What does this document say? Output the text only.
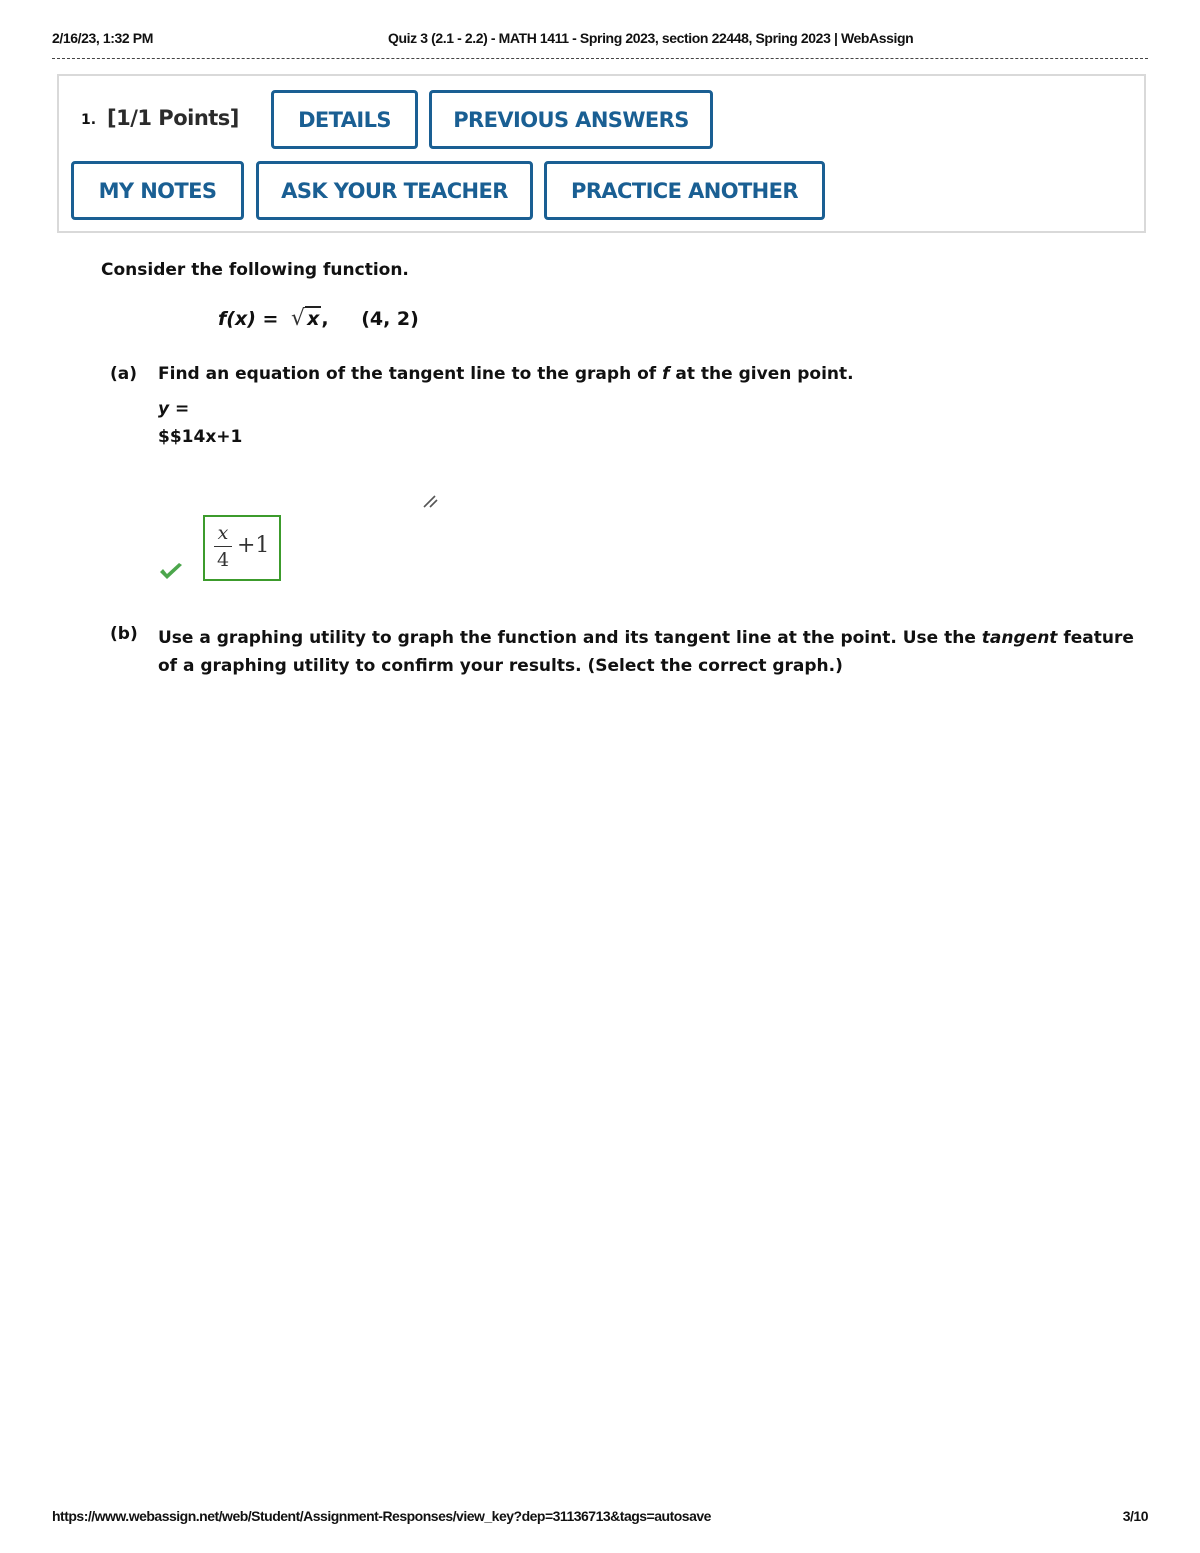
2/16/23, 1:32 PM	Quiz 3 (2.1 - 2.2) - MATH 1411 - Spring 2023, section 22448, Spring 2023 | WebAssign
1. [1/1 Points]	DETAILS	PREVIOUS ANSWERS
MY NOTES	ASK YOUR TEACHER	PRACTICE ANOTHER
Consider the following function.
f(x) = √ x , (4, 2)
(a) Find an equation of the tangent line to the graph of f at the given point.
y =
$$14x+1
x
4
+1
(b) Use a graphing utility to graph the function and its tangent line at the point. Use the tangent feature of a graphing utility to confirm your results. (Select the correct graph.)
https://www.webassign.net/web/Student/Assignment-Responses/view_key?dep=31136713&tags=autosave	3/10
